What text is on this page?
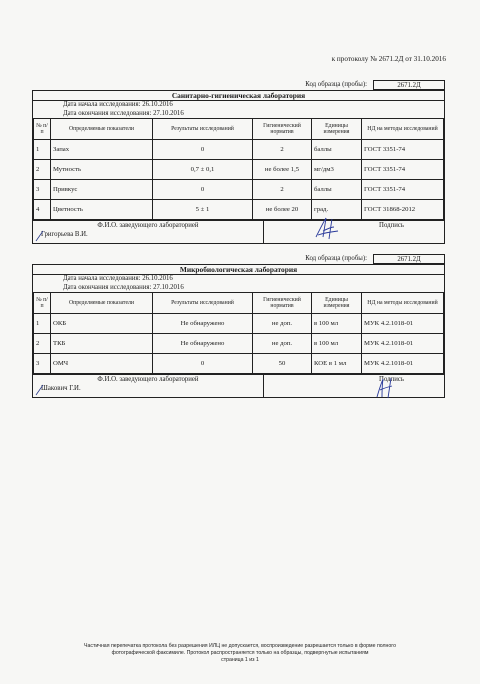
к протоколу № 2671.2Д от 31.10.2016
Код образца (пробы):	2671.2Д
Санитарно-гигиеническая лаборатория
Дата начала исследования: 26.10.2016
Дата окончания исследования: 27.10.2016
№ п/п	Определяемые показатели	Результаты исследований	Гигиенический норматив	Единицы измерения	НД на методы исследований
1	Запах	0	2	баллы	ГОСТ 3351-74
2	Мутность	0,7 ± 0,1	не более 1,5	мг/дм3	ГОСТ 3351-74
3	Привкус	0	2	баллы	ГОСТ 3351-74
4	Цветность	5 ± 1	не более 20	град.	ГОСТ 31868-2012
Ф.И.О. заведующего лабораторией
Григорьева В.И.
Подпись
Код образца (пробы):	2671.2Д
Микробиологическая лаборатория
Дата начала исследования: 26.10.2016
Дата окончания исследования: 27.10.2016
№ п/п	Определяемые показатели	Результаты исследований	Гигиенический норматив	Единицы измерения	НД на методы исследований
1	ОКБ	Не обнаружено	не доп.	в 100 мл	МУК 4.2.1018-01
2	ТКБ	Не обнаружено	не доп.	в 100 мл	МУК 4.2.1018-01
3	ОМЧ	0	50	КОЕ в 1 мл	МУК 4.2.1018-01
Ф.И.О. заведующего лабораторией
Шакович Г.И.
Подпись
Частичная перепечатка протокола без разрешения ИЛЦ не допускается, воспроизведение разрешается только в форме полного
фотографической факсимиле. Протокол распространяется только на образцы, подвергнутые испытаниям
страница 1 из 1
